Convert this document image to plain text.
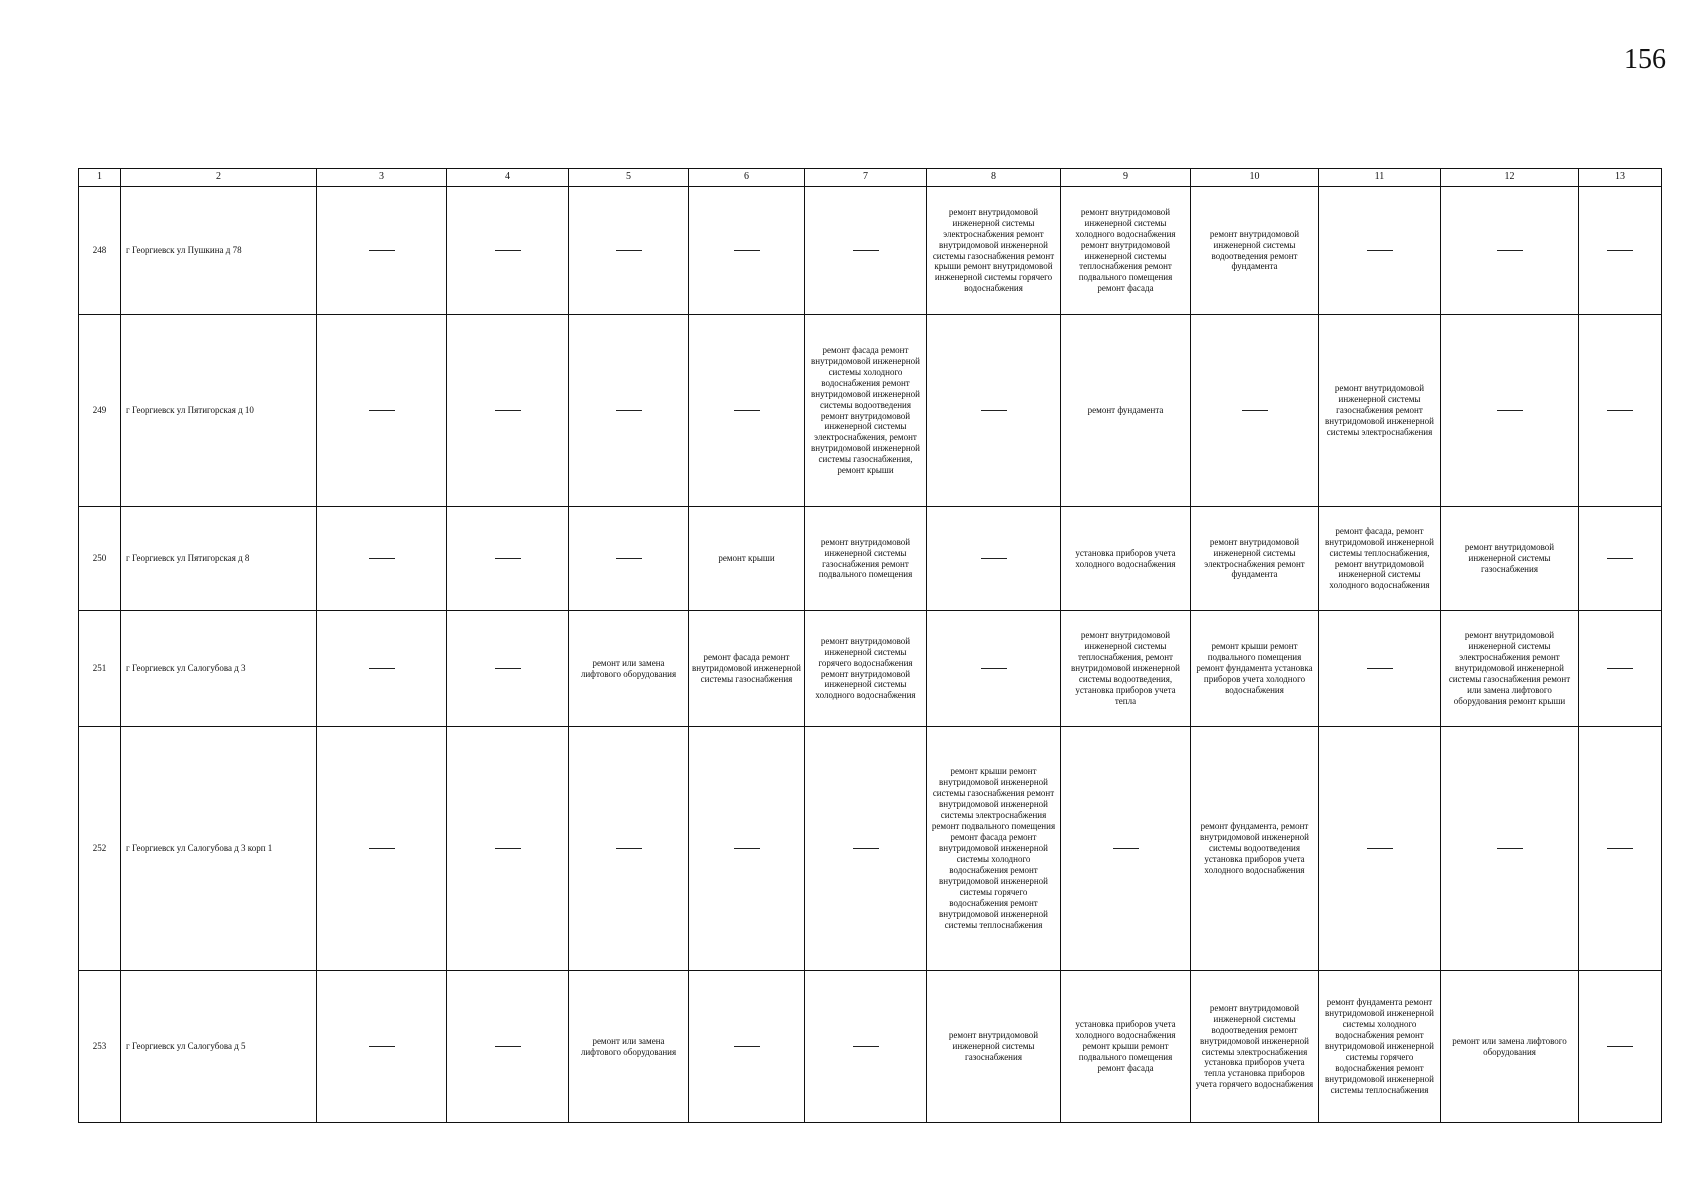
156
1	2	3	4	5	6	7	8	9	10	11	12	13
248	г Георгиевск ул Пушкина д 78						ремонт внутридомовой инженерной системы электроснабжения ремонт внутридомовой инженерной системы газоснабжения ремонт крыши ремонт внутридомовой инженерной системы горячего водоснабжения	ремонт внутридомовой инженерной системы холодного водоснабжения ремонт внутридомовой инженерной системы теплоснабжения ремонт подвального помещения ремонт фасада	ремонт внутридомовой инженерной системы водоотведения ремонт фундамента			
249	г Георгиевск ул Пятигорская д 10					ремонт фасада ремонт внутридомовой инженерной системы холодного водоснабжения ремонт внутридомовой инженерной системы водоотведения ремонт внутридомовой инженерной системы электроснабжения, ремонт внутридомовой инженерной системы газоснабжения, ремонт крыши		ремонт фундамента		ремонт внутридомовой инженерной системы газоснабжения ремонт внутридомовой инженерной системы электроснабжения		
250	г Георгиевск ул Пятигорская д 8				ремонт крыши	ремонт внутридомовой инженерной системы газоснабжения ремонт подвального помещения		установка приборов учета холодного водоснабжения	ремонт внутридомовой инженерной системы электроснабжения ремонт фундамента	ремонт фасада, ремонт внутридомовой инженерной системы теплоснабжения, ремонт внутридомовой инженерной системы холодного водоснабжения	ремонт внутридомовой инженерной системы газоснабжения	
251	г Георгиевск ул Салогубова д 3			ремонт или замена лифтового оборудования	ремонт фасада ремонт внутридомовой инженерной системы газоснабжения	ремонт внутридомовой инженерной системы горячего водоснабжения ремонт внутридомовой инженерной системы холодного водоснабжения		ремонт внутридомовой инженерной системы теплоснабжения, ремонт внутридомовой инженерной системы водоотведения, установка приборов учета тепла	ремонт крыши ремонт подвального помещения ремонт фундамента установка приборов учета холодного водоснабжения		ремонт внутридомовой инженерной системы электроснабжения ремонт внутридомовой инженерной системы газоснабжения ремонт или замена лифтового оборудования ремонт крыши	
252	г Георгиевск ул Салогубова д 3 корп 1						ремонт крыши ремонт внутридомовой инженерной системы газоснабжения ремонт внутридомовой инженерной системы электроснабжения ремонт подвального помещения ремонт фасада ремонт внутридомовой инженерной системы холодного водоснабжения ремонт внутридомовой инженерной системы горячего водоснабжения ремонт внутридомовой инженерной системы теплоснабжения		ремонт фундамента, ремонт внутридомовой инженерной системы водоотведения установка приборов учета холодного водоснабжения			
253	г Георгиевск ул Салогубова д 5			ремонт или замена лифтового оборудования			ремонт внутридомовой инженерной системы газоснабжения	установка приборов учета холодного водоснабжения ремонт крыши ремонт подвального помещения ремонт фасада	ремонт внутридомовой инженерной системы водоотведения ремонт внутридомовой инженерной системы электроснабжения установка приборов учета тепла установка приборов учета горячего водоснабжения	ремонт фундамента ремонт внутридомовой инженерной системы холодного водоснабжения ремонт внутридомовой инженерной системы горячего водоснабжения ремонт внутридомовой инженерной системы теплоснабжения	ремонт или замена лифтового оборудования	
